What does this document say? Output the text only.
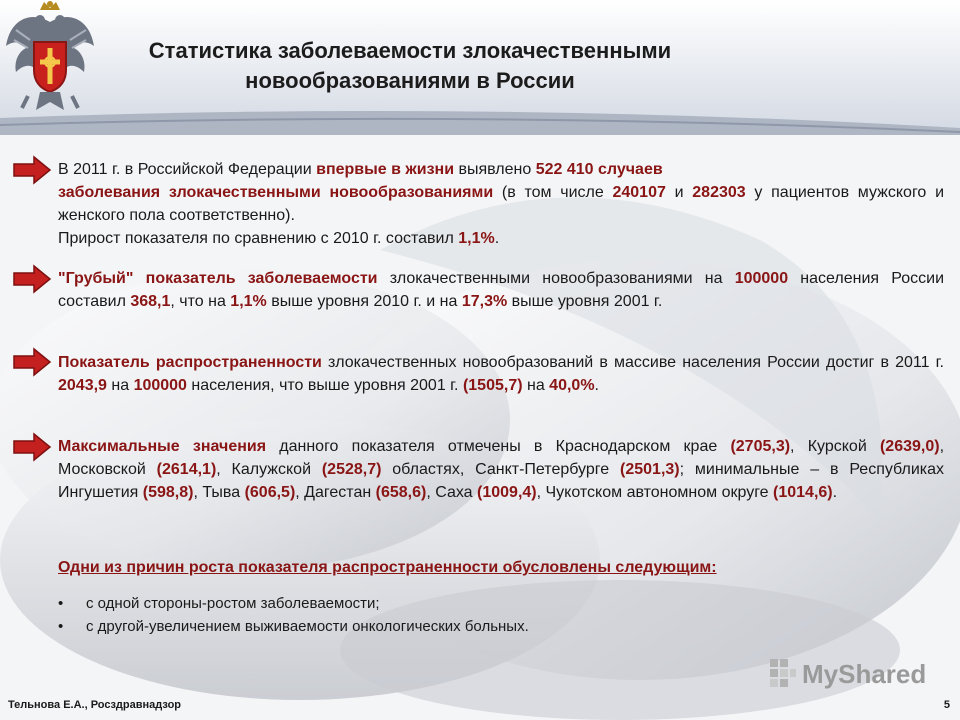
Статистика заболеваемости злокачественными
новообразованиями в России

В 2011 г. в Российской Федерации впервые в жизни выявлено 522 410 случаев
заболевания злокачественными новообразованиями (в том числе 240107 и 282303 у пациентов мужского и женского пола соответственно).
Прирост показателя по сравнению с 2010 г. составил 1,1%.

"Грубый" показатель заболеваемости злокачественными новообразованиями на 100000 населения России составил 368,1, что на 1,1% выше уровня 2010 г. и на 17,3% выше уровня 2001 г.

Показатель распространенности злокачественных новообразований в массиве населения России достиг в 2011 г. 2043,9 на 100000 населения, что выше уровня 2001 г. (1505,7) на 40,0%.

Максимальные значения данного показателя отмечены в Краснодарском крае (2705,3), Курской (2639,0), Московской (2614,1), Калужской (2528,7) областях, Санкт-Петербурге (2501,3); минимальные – в Республиках Ингушетия (598,8), Тыва (606,5), Дагестан (658,6), Саха (1009,4), Чукотском автономном округе (1014,6).

Одни из причин роста показателя распространенности обусловлены следующим:

• с одной стороны-ростом заболеваемости;
• с другой-увеличением выживаемости онкологических больных.
MyShared
Тельнова Е.А., Росздравнадзор	5
